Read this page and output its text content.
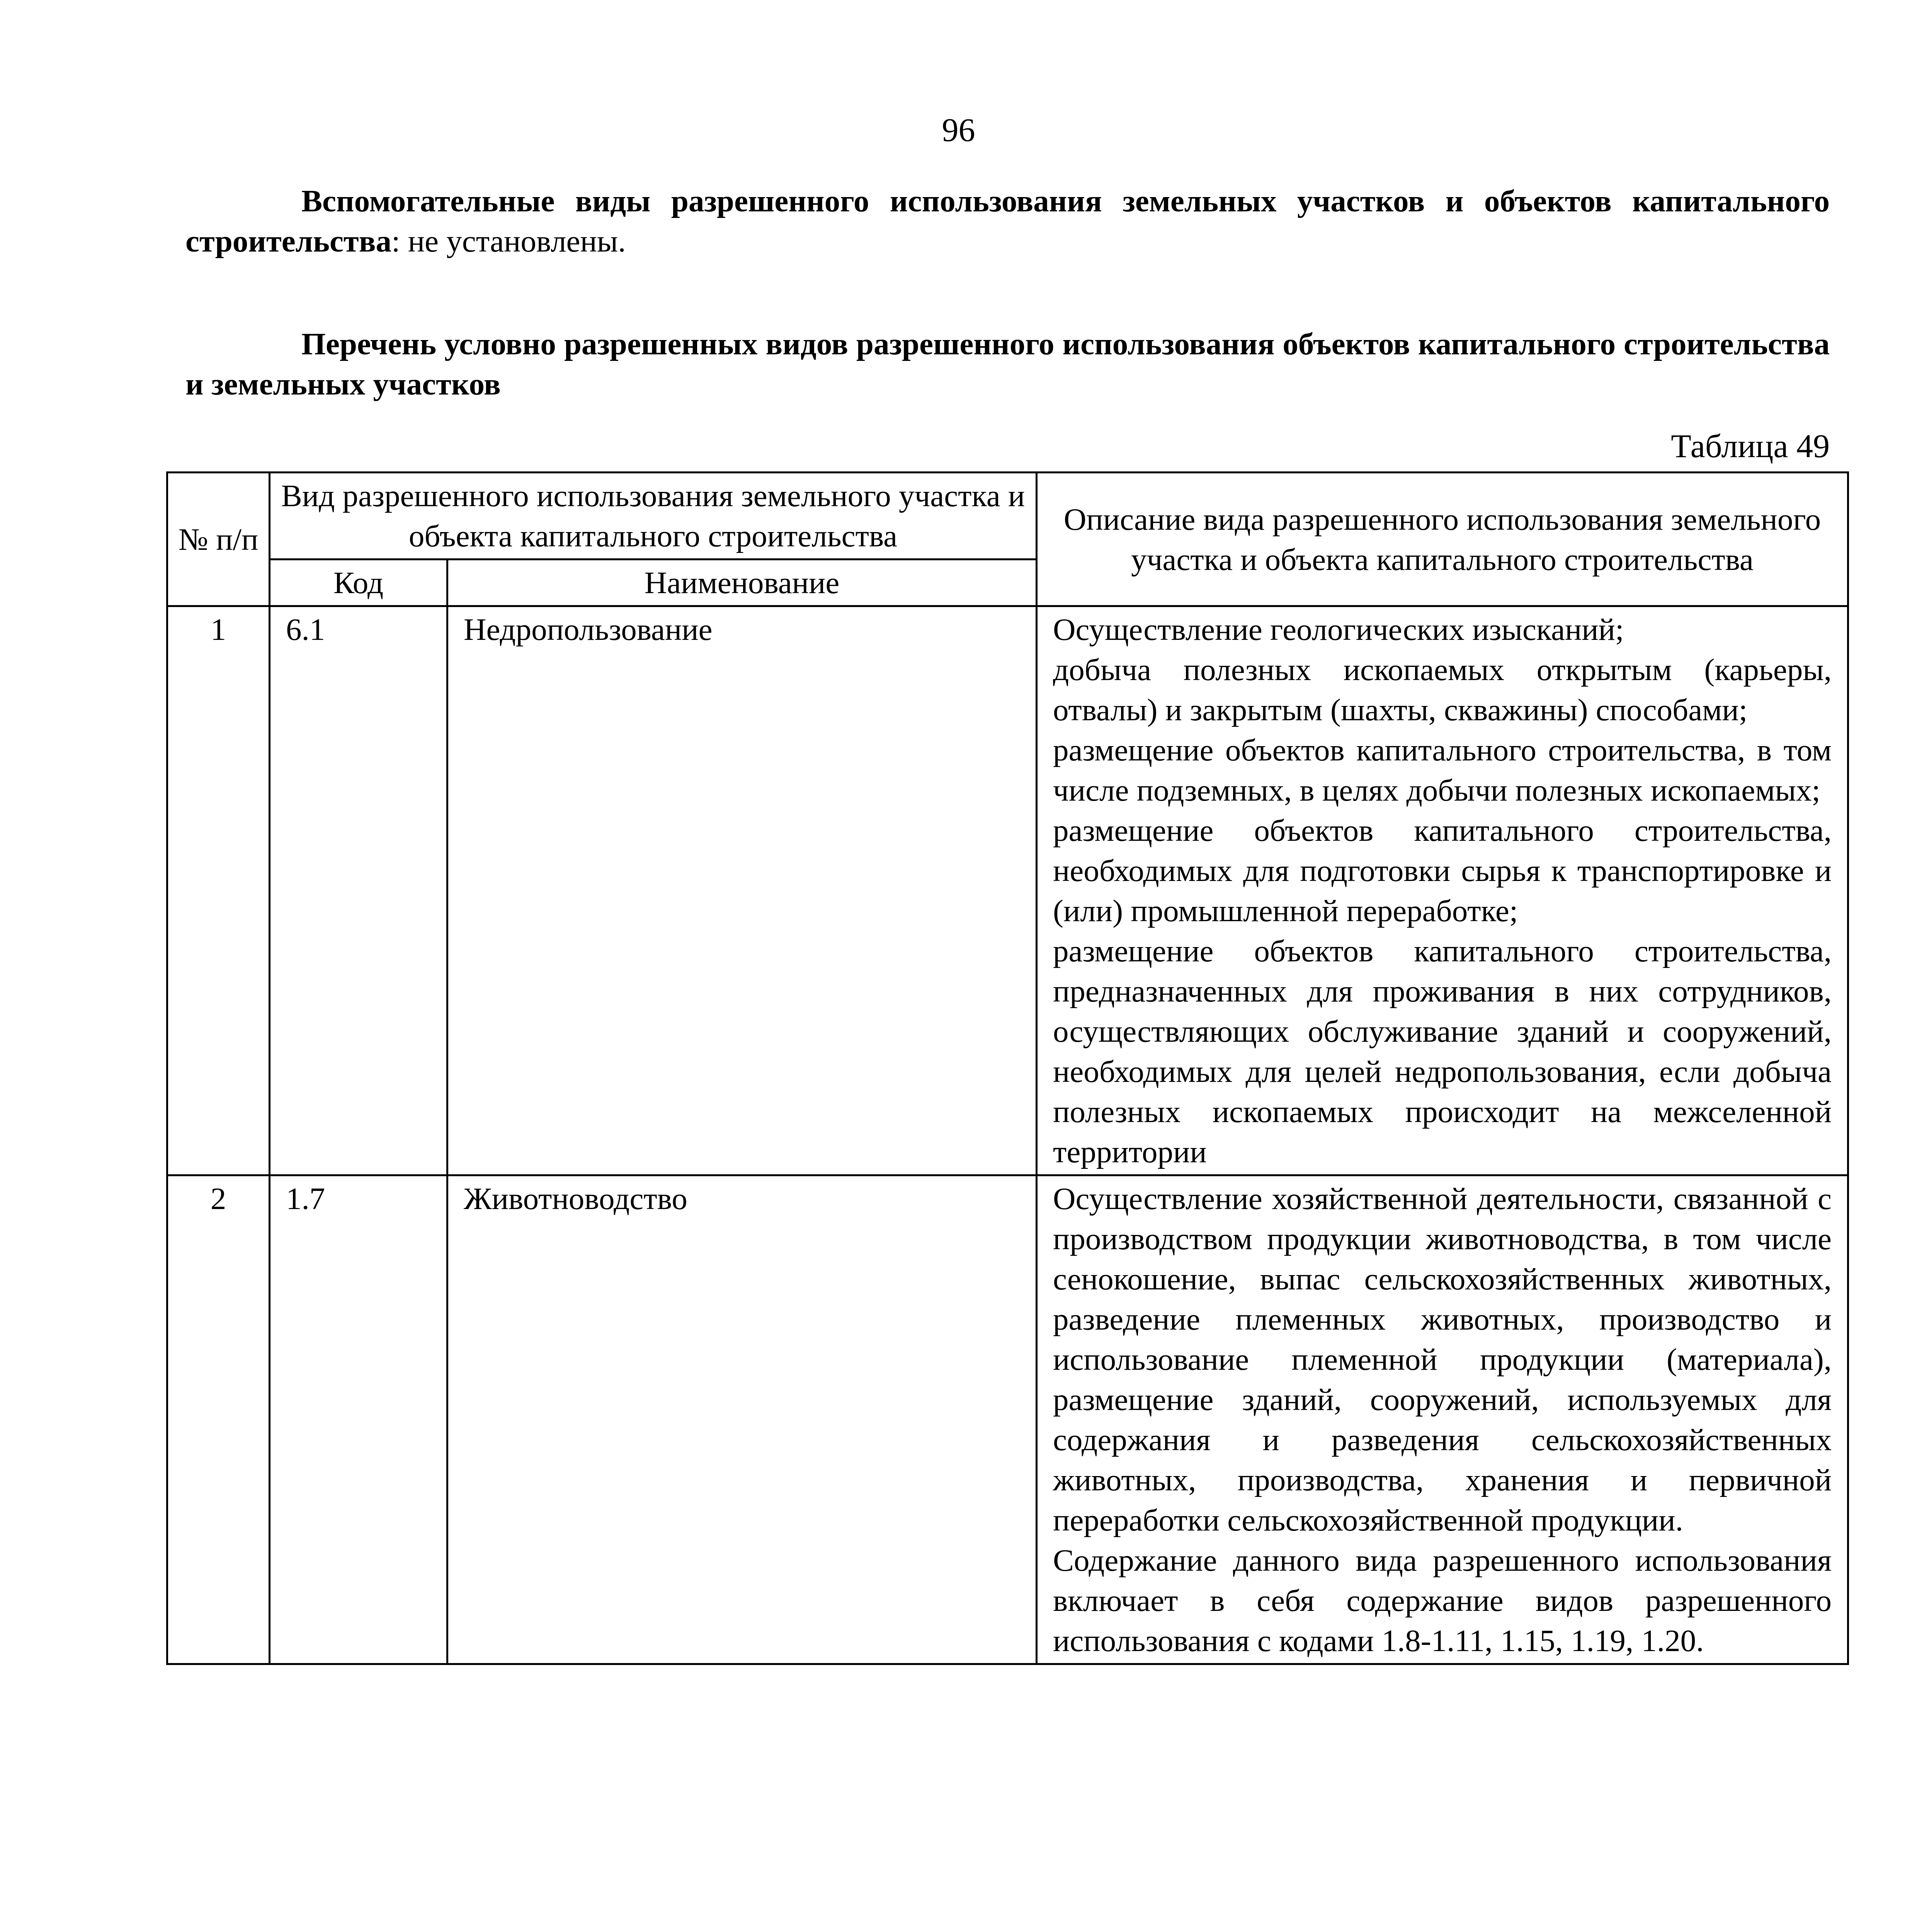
96
Вспомогательные виды разрешенного использования земельных участков и объектов капитального строительства: не установлены.
Перечень условно разрешенных видов разрешенного использования объектов капитального строительства и земельных участков
Таблица 49
№ п/п	Вид разрешенного использования земельного участка и объекта капитального строительства		Описание вида разрешенного использования земельного участка и объекта капитального строительства
	Код	Наименование	
1	6.1	Недропользование	Осуществление геологических изысканий;
добыча полезных ископаемых открытым (карьеры, отвалы) и закрытым (шахты, скважины) способами;
размещение объектов капитального строительства, в том числе подземных, в целях добычи полезных ископаемых;
размещение объектов капитального строительства, необходимых для подготовки сырья к транспортировке и (или) промышленной переработке;
размещение объектов капитального строительства, предназначенных для проживания в них сотрудников, осуществляющих обслуживание зданий и сооружений, необходимых для целей недропользования, если добыча полезных ископаемых происходит на межселенной территории

2	1.7	Животноводство	Осуществление хозяйственной деятельности, связанной с производством продукции животноводства, в том числе сенокошение, выпас сельскохозяйственных животных, разведение племенных животных, производство и использование племенной продукции (материала), размещение зданий, сооружений, используемых для содержания и разведения сельскохозяйственных животных, производства, хранения и первичной переработки сельскохозяйственной продукции.
Содержание данного вида разрешенного использования включает в себя содержание видов разрешенного использования с кодами 1.8-1.11, 1.15, 1.19, 1.20.
